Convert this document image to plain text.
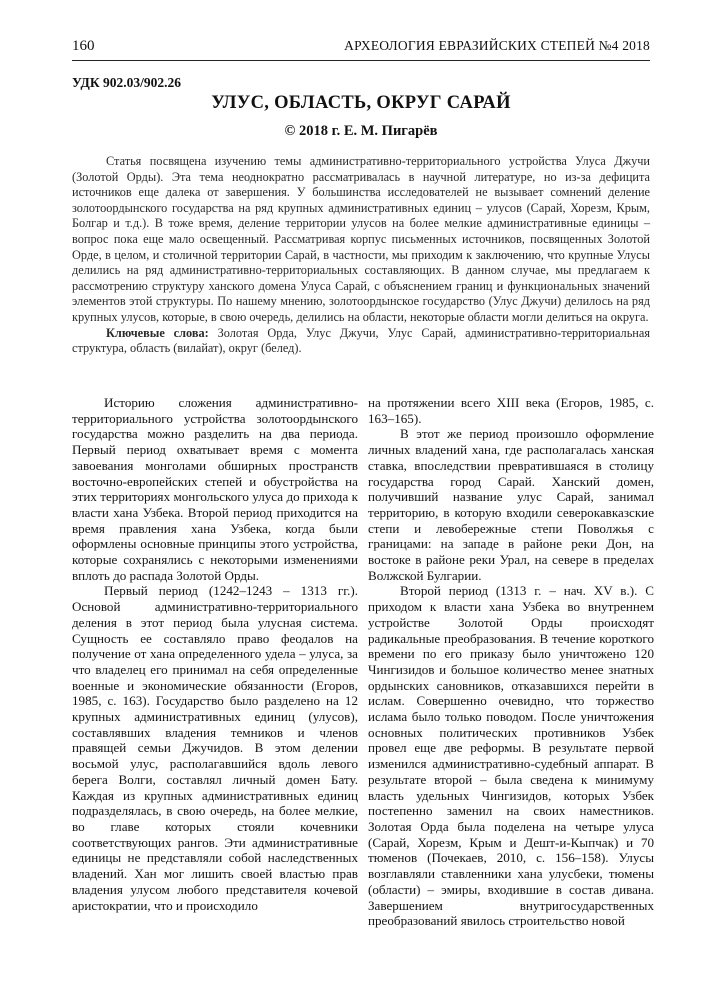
160	АРХЕОЛОГИЯ ЕВРАЗИЙСКИХ СТЕПЕЙ №4 2018
УДК 902.03/902.26
УЛУС, ОБЛАСТЬ, ОКРУГ САРАЙ
© 2018 г. Е. М. Пигарёв

Статья посвящена изучению темы административно-территориального устройства Улуса Джучи (Золотой Орды). Эта тема неоднократно рассматривалась в научной литературе, но из-за дефицита источников еще далека от завершения. У большинства исследователей не вызывает сомнений деление золотоордынского государства на ряд крупных административных единиц – улусов (Сарай, Хорезм, Крым, Болгар и т.д.). В тоже время, деление территории улусов на более мелкие административные единицы – вопрос пока еще мало освещенный. Рассматривая корпус письменных источников, посвященных Золотой Орде, в целом, и столичной территории Сарай, в частности, мы приходим к заключению, что крупные Улусы делились на ряд административно-территориальных составляющих. В данном случае, мы предлагаем к рассмотрению структуру ханского домена Улуса Сарай, с объяснением границ и функциональных значений элементов этой структуры. По нашему мнению, золотоордынское государство (Улус Джучи) делилось на ряд крупных улусов, которые, в свою очередь, делились на области, некоторые области могли делиться на округа.

Ключевые слова: Золотая Орда, Улус Джучи, Улус Сарай, административно-территориальная структура, область (вилайат), округ (белед).

Историю сложения административно-территориального устройства золотоордынского государства можно разделить на два периода. Первый период охватывает время с момента завоевания монголами обширных пространств восточно-европейских степей и обустройства на этих территориях монгольского улуса до прихода к власти хана Узбека. Второй период приходится на время правления хана Узбека, когда были оформлены основные принципы этого устройства, которые сохранялись с некоторыми изменениями вплоть до распада Золотой Орды.

Первый период (1242–1243 – 1313 гг.). Основой административно-территориального деления в этот период была улусная система. Сущность ее составляло право феодалов на получение от хана определенного удела – улуса, за что владелец его принимал на себя определенные военные и экономические обязанности (Егоров, 1985, с. 163). Государство было разделено на 12 крупных административных единиц (улусов), составлявших владения темников и членов правящей семьи Джучидов. В этом делении восьмой улус, располагавшийся вдоль левого берега Волги, составлял личный домен Бату. Каждая из крупных административных единиц подразделялась, в свою очередь, на более мелкие, во главе которых стояли кочевники соответствующих рангов. Эти административные единицы не представляли собой наследственных владений. Хан мог лишить своей властью прав владения улусом любого представителя кочевой аристократии, что и происходило

на протяжении всего XIII века (Егоров, 1985, с. 163–165).

В этот же период произошло оформление личных владений хана, где располагалась ханская ставка, впоследствии превратившаяся в столицу государства город Сарай. Ханский домен, получивший название улус Сарай, занимал территорию, в которую входили северокавказские степи и левобережные степи Поволжья с границами: на западе в районе реки Дон, на востоке в районе реки Урал, на севере в пределах Волжской Булгарии.

Второй период (1313 г. – нач. XV в.). С приходом к власти хана Узбека во внутреннем устройстве Золотой Орды происходят радикальные преобразования. В течение короткого времени по его приказу было уничтожено 120 Чингизидов и большое количество менее знатных ордынских сановников, отказавшихся перейти в ислам. Совершенно очевидно, что торжество ислама было только поводом. После уничтожения основных политических противников Узбек провел еще две реформы. В результате первой изменился административно-судебный аппарат. В результате второй – была сведена к минимуму власть удельных Чингизидов, которых Узбек постепенно заменил на своих наместников. Золотая Орда была поделена на четыре улуса (Сарай, Хорезм, Крым и Дешт-и-Кыпчак) и 70 тюменов (Почекаев, 2010, с. 156–158). Улусы возглавляли ставленники хана улусбеки, тюмены (области) – эмиры, входившие в состав дивана. Завершением внутригосударственных преобразований явилось строительство новой
